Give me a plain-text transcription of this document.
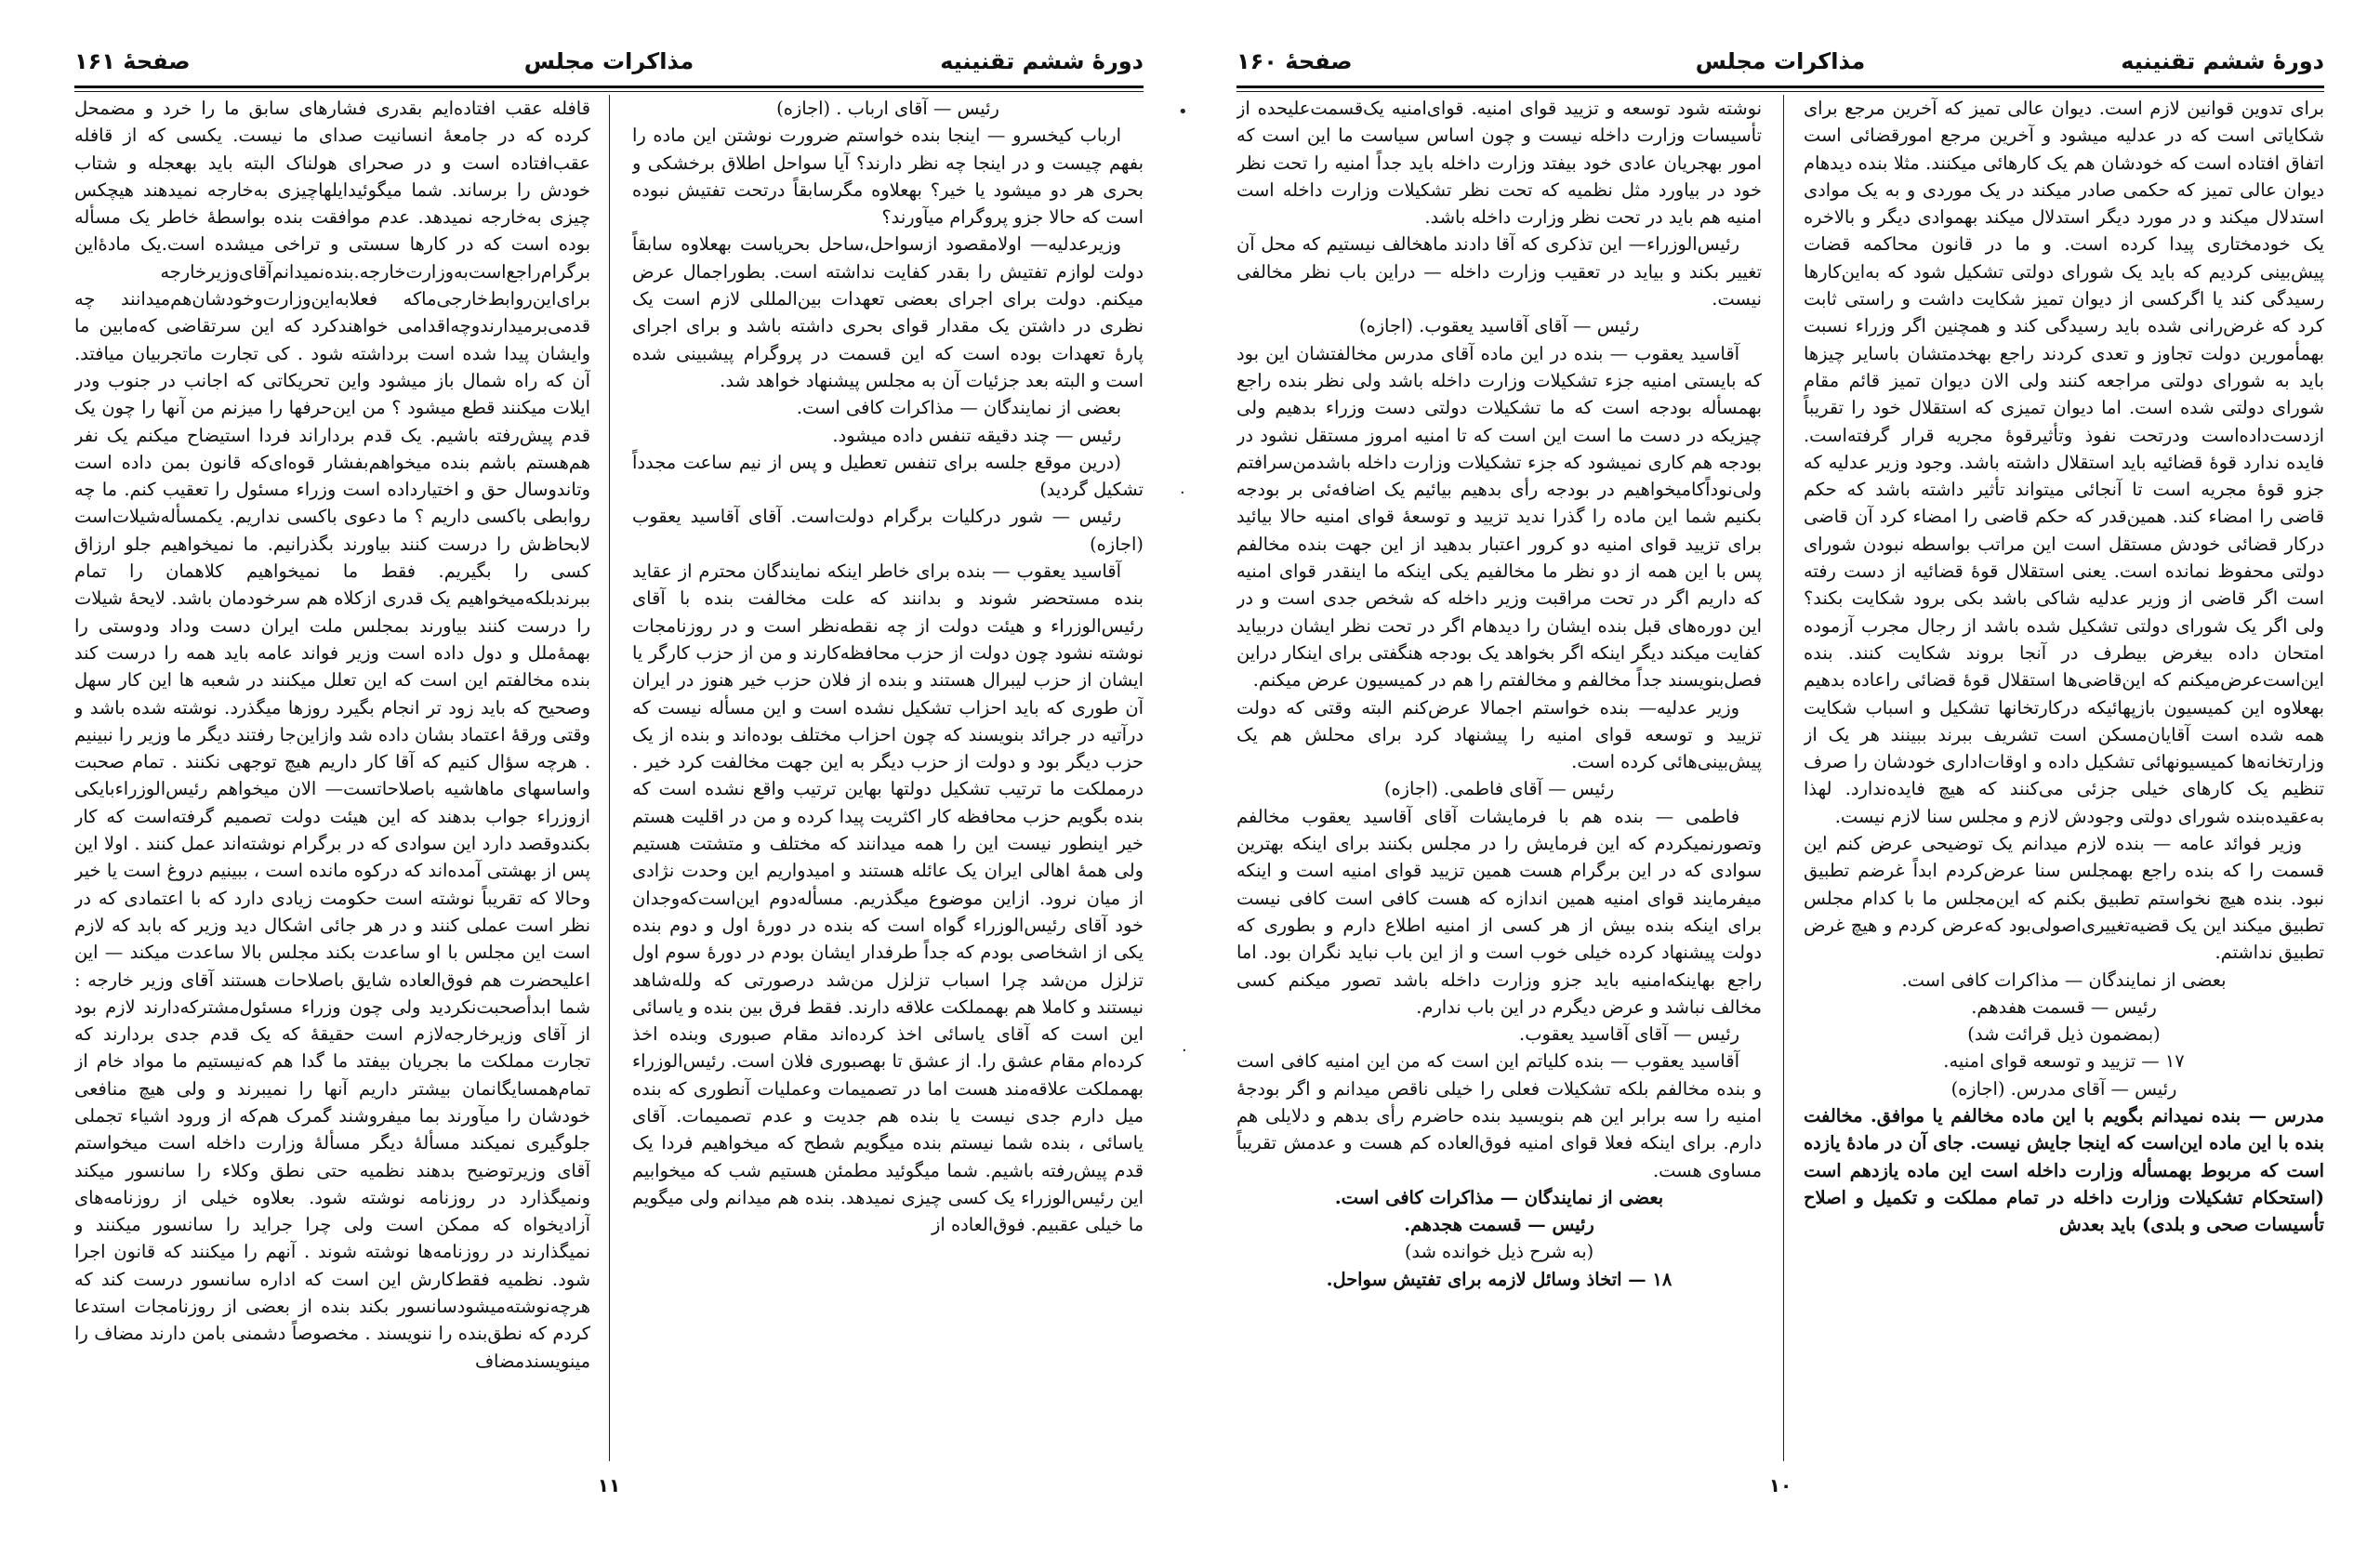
دورهٔ ششم تقنینیه
مذاکرات مجلس
صفحهٔ ۱۶۱

رئیس — آقای ارباب . (اجازه)

ارباب کیخسرو — اینجا بنده خواستم ضرورت نوشتن این ماده را بفهم چیست و در اینجا چه نظر دارند؟ آیا سواحل اطلاق برخشکی و بحری هر دو میشود یا خیر؟ بهعلاوه مگرسابقاً درتحت تفتیش نبوده است که حالا جزو پروگرام میآورند؟

وزیرعدلیه— اولامقصود ازسواحل،ساحل بحریاست بهعلاوه سابقاً دولت لوازم تفتیش را بقدر کفایت نداشته است. بطوراجمال عرض میکنم. دولت برای اجرای بعضی تعهدات بین‌المللی لازم است یک نظری در داشتن یک مقدار قوای بحری داشته باشد و برای اجرای پارهٔ تعهدات بوده است که این قسمت در پروگرام پیشبینی شده است و البته بعد جزئیات آن به مجلس پیشنهاد خواهد شد.

بعضی از نمایندگان — مذاکرات کافی است.

رئیس — چند دقیقه تنفس داده میشود.

(درین موقع جلسه برای تنفس تعطیل و پس از نیم ساعت مجدداً تشکیل گردید)

رئیس — شور درکلیات برگرام دولت‌است. آقای آقاسید یعقوب (اجازه)

آقاسید یعقوب — بنده برای خاطر اینکه نمایندگان محترم از عقاید بنده مستحضر شوند و بدانند که علت مخالفت بنده با آقای رئیس‌الوزراء و هیئت دولت از چه نقطه‌نظر است و در روزنامجات نوشته نشود چون دولت از حزب محافظه‌کارند و من از حزب کارگر یا ایشان از حزب لیبرال هستند و بنده از فلان حزب خیر هنوز در ایران آن طوری که باید احزاب تشکیل نشده است و این مسأله نیست که درآتیه در جرائد بنویسند که چون احزاب مختلف بوده‌اند و بنده از یک حزب دیگر بود و دولت از حزب دیگر به این جهت مخالفت کرد خیر . درمملکت ما ترتیب تشکیل دولتها بهاین ترتیب واقع نشده است که بنده بگویم حزب محافظه کار اکثریت پیدا کرده و من در اقلیت هستم خیر اینطور نیست این را همه میدانند که مختلف و متشتت هستیم ولی همهٔ اهالی ایران یک عائله هستند و امیدواریم این وحدت نژادی از میان نرود. ازاین موضوع میگذریم. مسأله‌دوم این‌است‌که‌وجدان خود آقای رئیس‌الوزراء گواه است که بنده در دورهٔ اول و دوم بنده یکی از اشخاصی بودم که جداً طرفدار ایشان بودم در دورهٔ سوم اول تزلزل من‌شد چرا اسباب تزلزل من‌شد درصورتی که ولله‌شاهد نیستند و کاملا هم بهمملکت علاقه دارند. فقط فرق بین بنده و یاسائی این است که آقای یاسائی اخذ کرده‌اند مقام صبوری وبنده اخذ کرده‌ام مقام عشق را. از عشق تا بهصبوری فلان است. رئیس‌الوزراء بهمملکت علاقه‌مند هست اما در تصمیمات وعملیات آنطوری که بنده میل دارم جدی نیست یا بنده هم جدیت و عدم تصمیمات. آقای یاسائی ، بنده شما نیستم بنده میگویم شطح که میخواهیم فردا یک قدم پیش‌رفته باشیم. شما میگوئید مطمئن هستیم شب که میخوابیم این رئیس‌الوزراء یک کسی چیزی نمیدهد. بنده هم میدانم ولی میگویم ما خیلی عقبیم. فوق‌العاده از

قافله عقب افتاده‌ایم بقدری فشارهای سابق ما را خرد و مضمحل کرده که در جامعهٔ انسانیت صدای ما نیست. یکسی که از قافله عقب‌افتاده است و در صحرای هولناک البته باید بهعجله و شتاب خودش را برساند. شما میگوئیدایلهاچیزی به‌خارجه نمیدهند هیچکس چیزی به‌خارجه نمیدهد. عدم موافقت بنده بواسطهٔ خاطر یک مسأله بوده است که در کارها سستی و تراخی میشده است.یک مادهٔ‌این برگرام‌راجع‌است‌به‌وزارت‌خارجه.بنده‌نمیدانم‌آقای‌وزیرخارجه برای‌این‌روابط‌خارجی‌ماکه فعلا‌به‌این‌وزارت‌و‌خودشان‌هم‌میدانند چه قدمی‌برمیدارند‌وچه‌اقدامی خواهند‌کرد که این سرتقاضی که‌مابین ما وایشان پیدا شده است برداشته شود . کی تجارت ماتجربیان میافتد. آن که راه شمال باز میشود واین تحریکاتی که اجانب در جنوب ودر ایلات میکنند قطع میشود ؟ من این‌حرفها را میزنم من آنها را چون یک قدم پیش‌رفته باشیم. یک قدم برداراند فردا استیضاح میکنم یک نفر هم‌هستم باشم بنده میخواهم‌بفشار قوه‌ای‌که قانون بمن داده است وتاندوسال حق و اختیارداده است وزراء مسئول را تعقیب کنم. ما چه روابطی باکسی داریم ؟ ما دعوی باکسی نداریم. یکمسأله‌شیلات‌است لابحاظ‌ش را درست کنند بیاورند بگذرانیم. ما نمیخواهیم جلو ارزاق کسی را بگیریم. فقط ما نمیخواهیم کلاهمان را تمام ببرندبلکه‌میخواهیم یک قدری ازکلاه هم سرخودمان باشد. لایحهٔ شیلات را درست کنند بیاورند بمجلس ملت ایران دست وداد ودوستی را بهمهٔ‌ملل و دول داده است وزیر فواند عامه باید همه را درست کند بنده مخالفتم این است که این تعلل میکنند در شعبه ها این کار سهل وصحیح که باید زود تر انجام بگیرد روزها میگذرد. نوشته شده باشد و وقتی ورقهٔ اعتماد بشان داده شد وازاین‌جا رفتند دیگر ما وزیر را نبینیم . هرچه سؤال کنیم که آقا کار داریم هیچ توجهی نکنند . تمام صحبت واساسهای ما‌هاشیه باصلاحاتست— الان میخواهم رئیس‌الوزراءبایکی ازوزراء جواب بدهند که این هیئت دولت تصمیم گرفته‌است که کار بکند‌وقصد دارد این سوادی که در برگرام نوشته‌اند عمل کنند . اولا این پس از بهشتی آمده‌اند که درکوه مانده است ، ببینیم دروغ است یا خیر وحالا که تقریباً نوشته است حکومت زیادی دارد که با اعتمادی که در نظر است عملی کنند و در هر جائی اشکال دید وزیر که بابد که لازم است این مجلس با او ساعدت بکند مجلس بالا ساعدت میکند — این اعلیحضرت هم فوق‌العاده شایق باصلاحات هستند آقای وزیر خارجه : شما ابدأصحبت‌نکردید ولی چون وزراء مسئول‌مشترکه‌دارند لازم بود از آقای وزیرخارجه‌لازم است حقیقهٔ که یک قدم جدی بردارند که تجارت مملکت ما بجریان بیفتد ما گدا هم که‌نیستیم ما مواد خام از تمام‌همسایگانمان بیشتر داریم آنها را نمیبرند و ولی هیچ منافعی خودشان را میآورند بما میفروشند گمرک هم‌که از ورود اشیاء تجملی جلوگیری نمیکند مسألهٔ دیگر مسألهٔ وزارت داخله است میخواستم آقای وزیرتوضیح بدهند نظمیه حتی نطق وکلاء را سانسور میکند ونمیگذارد در روزنامه نوشته شود. بعلاوه خیلی از روزنامه‌های آزادیخواه که ممکن است ولی چرا جراید را سانسور میکنند و نمیگذارند در روزنامه‌ها نوشته شوند . آنهم را میکنند که قانون اجرا شود. نظمیه فقط‌کارش این است که اداره سانسور درست کند که هر‌چه‌نوشته‌میشودسانسور بکند بنده از بعضی از روزنامجات استدعا کردم که نطق‌بنده را ننویسند . مخصوصاً دشمنی بامن دارند مضاف را مینویسندمضاف

۱۱
•
·
·
دورهٔ ششم تقنینیه
مذاکرات مجلس
صفحهٔ ۱۶۰

برای تدوین قوانین لازم است. دیوان عالی تمیز که آخرین مرجع برای شکایاتی است که در عدلیه میشود و آخرین مرجع امورقضائی است اتفاق افتاده است که خودشان هم یک کارهائی میکنند. مثلا بنده دیدهام دیوان عالی تمیز که حکمی صادر میکند در یک موردی و به یک موادی استدلال میکند و در مورد دیگر استدلال میکند بهموادی دیگر و بالاخره یک خودمختاری پیدا کرده است. و ما در قانون محاکمه قضات پیش‌بینی کردیم که باید یک شورای دولتی تشکیل شود که به‌این‌کارها رسیدگی کند یا اگرکسی از دیوان تمیز شکایت داشت و راستی ثابت کرد که غرض‌رانی شده باید رسیدگی کند و همچنین اگر وزراء نسبت بهمأمورین دولت تجاوز و تعدی کردند راجع بهخدمتشان باسایر چیزها باید به شورای دولتی مراجعه کنند ولی الان دیوان تمیز قائم مقام شورای دولتی شده است. اما دیوان تمیزی که استقلال خود را تقریباً ازدست‌داده‌است ودرتحت نفوذ وتأثیرقوهٔ مجریه قرار گرفته‌است. فایده ندارد قوهٔ قضائیه باید استقلال داشته باشد. وجود وزیر عدلیه که جزو قوهٔ مجریه است تا آنجائی میتواند تأثیر داشته باشد که حکم قاضی را امضاء کند. همین‌قدر که حکم قاضی را امضاء کرد آن قاضی درکار قضائی خودش مستقل است این مراتب بواسطه نبودن شورای دولتی محفوظ نمانده است. یعنی استقلال قوهٔ قضائیه از دست رفته است اگر قاضی از وزیر عدلیه شاکی باشد بکی برود شکایت بکند؟ ولی اگر یک شورای دولتی تشکیل شده باشد از رجال مجرب آزموده امتحان داده بیغرض بیطرف در آنجا بروند شکایت کنند. بنده این‌است‌عرض‌میکنم که این‌قاضی‌ها استقلال قوهٔ قضائی راعاده بدهیم بهعلاوه این کمیسیون بازپهائیکه درکارتخانها تشکیل و اسباب شکایت همه شده است آقایان‌مسکن است تشریف ببرند ببینند هر یک از وزارتخانه‌ها کمیسیونهائی تشکیل داده و اوقات‌اداری خودشان را صرف تنظیم یک کارهای خیلی جزئی می‌کنند که هیچ فایده‌ندارد. لهذا به‌عقیده‌بنده شورای دولتی وجودش لازم و مجلس سنا لازم نیست.

وزیر فوائد عامه — بنده لازم میدانم یک توضیحی عرض کنم این قسمت را که بنده راجع بهمجلس سنا عرض‌کردم ابداً غرضم تطبیق نبود. بنده هیچ نخواستم تطبیق بکنم که این‌مجلس ما با کدام مجلس تطبیق میکند این یک قضیه‌تغییری‌اصولی‌بود که‌عرض کردم و هیچ غرض تطبیق نداشتم.

بعضی از نمایندگان — مذاکرات کافی است.

رئیس — قسمت هفدهم.

(بمضمون ذیل قرائت شد)

۱۷ — تزیید و توسعه قوای امنیه.

رئیس — آقای مدرس. (اجازه)

مدرس — بنده نمیدانم بگویم با این ماده مخالفم یا موافق. مخالفت بنده با این ماده این‌است که اینجا جایش نیست. جای آن در مادهٔ یازده است که مربوط بهمسأله وزارت داخله است این ماده یازدهم است (استحکام تشکیلات وزارت داخله در تمام مملکت و تکمیل و اصلاح تأسیسات صحی و بلدی) باید بعدش

نوشته شود توسعه و تزیید قوای امنیه. قوای‌امنیه یک‌قسمت‌علیحده از تأسیسات وزارت داخله نیست و چون اساس سیاست ما این است که امور بهجریان عادی خود بیفتد وزارت داخله باید جداً امنیه را تحت نظر خود در بیاورد مثل نظمیه که تحت نظر تشکیلات وزارت داخله است امنیه هم باید در تحت نظر وزارت داخله باشد.

رئیس‌الوزراء— این تذکری که آقا دادند ماهخالف نیستیم که محل آن تغییر بکند و بیاید در تعقیب وزارت داخله — دراین باب نظر مخالفی نیست.

رئیس — آقای آقاسید یعقوب. (اجازه)

آقاسید یعقوب — بنده در این ماده آقای مدرس مخالفتشان این بود که بایستی امنیه جزء تشکیلات وزارت داخله باشد ولی نظر بنده راجع بهمسأله بودجه است که ما تشکیلات دولتی دست وزراء بدهیم ولی چیزیکه در دست ما است این است که تا امنیه امروز مستقل نشود در بودجه هم کاری نمیشود که جزء تشکیلات وزارت داخله باشد‌من‌سرافتم ولی‌نوداً‌کامیخواهیم در بودجه رأی بدهیم بیائیم یک اضافه‌ئی بر بودجه بکنیم شما این ماده را گذرا ندید تزیید و توسعهٔ قوای امنیه حالا بیائید برای تزیید قوای امنیه دو کرور اعتبار بدهید از این جهت بنده مخالفم پس با این همه از دو نظر ما مخالفیم یکی اینکه ما اینقدر قوای امنیه که داریم اگر در تحت مراقبت وزیر داخله که شخص جدی است و در این دوره‌های قبل بنده ایشان را دیدهام اگر در تحت نظر ایشان دربیاید کفایت میکند دیگر اینکه اگر بخواهد یک بودجه هنگفتی برای اینکار دراین فصل‌بنویسند جداً مخالفم و مخالفتم را هم در کمیسیون عرض میکنم.

وزیر عدلیه— بنده خواستم اجمالا عرض‌کنم البته وقتی که دولت تزیید و توسعه قوای امنیه را پیشنهاد کرد برای محلش هم یک پیش‌بینی‌هائی کرده است.

رئیس — آقای فاطمی. (اجازه)

فاطمی — بنده هم با فرمایشات آقای آقاسید یعقوب مخالفم وتصورنمیکردم که این فرمایش را در مجلس بکنند برای اینکه بهترین سوادی که در این برگرام هست همین تزیید قوای امنیه است و اینکه میفرمایند قوای امنیه همین اندازه که هست کافی است کافی نیست برای اینکه بنده بیش از هر کسی از امنیه اطلاع دارم و بطوری که دولت پیشنهاد کرده خیلی خوب است و از این باب نباید نگران بود. اما راجع بهاینکه‌امنیه باید جزو وزارت داخله باشد تصور میکنم کسی مخالف نباشد و عرض دیگرم در این باب ندارم.

رئیس — آقای آقاسید یعقوب.

آقاسید یعقوب — بنده کلیاتم این است که من این امنیه کافی است و بنده مخالفم بلکه تشکیلات فعلی را خیلی ناقص میدانم و اگر بودجهٔ امنیه را سه برابر این هم بنویسید بنده حاضرم رأی بدهم و دلایلی هم دارم. برای اینکه فعلا قوای امنیه فوق‌العاده کم هست و عدمش تقریباً مساوی هست.

بعضی از نمایندگان — مذاکرات کافی است.

رئیس — قسمت هجدهم.

(به شرح ذیل خوانده شد)

۱۸ — اتخاذ وسائل لازمه برای تفتیش سواحل.

۱۰
